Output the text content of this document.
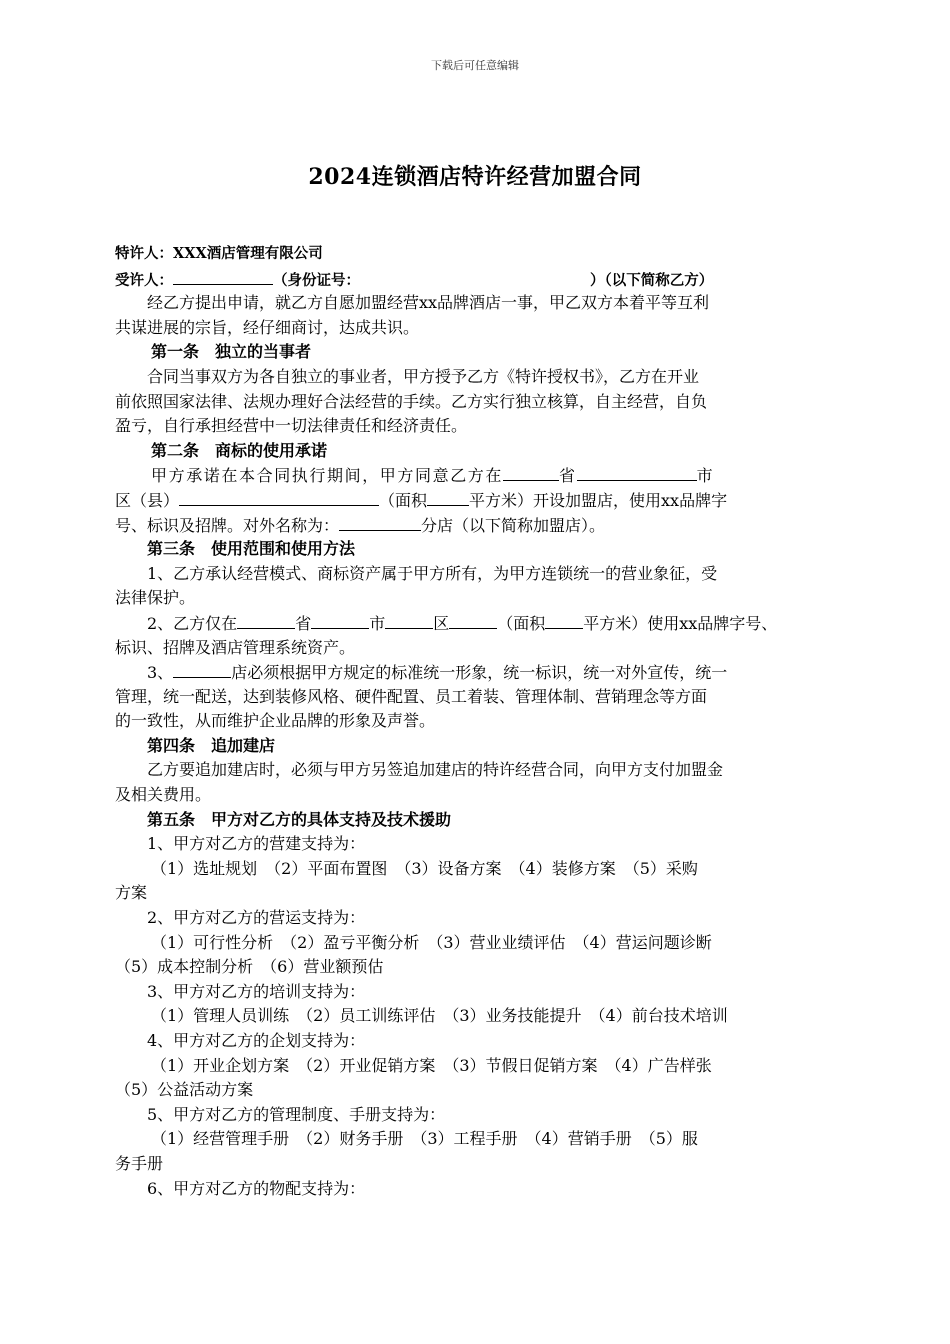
下载后可任意编辑
2024连锁酒店特许经营加盟合同
特许人：XXX酒店管理有限公司
受许人：	（身份证号：	）（以下简称乙方）
经乙方提出申请，就乙方自愿加盟经营xx品牌酒店一事，甲乙双方本着平等互利
共谋进展的宗旨，经仔细商讨，达成共识。
第一条　独立的当事者
合同当事双方为各自独立的事业者，甲方授予乙方《特许授权书》，乙方在开业
前依照国家法律、法规办理好合法经营的手续。乙方实行独立核算，自主经营，自负
盈亏，自行承担经营中一切法律责任和经济责任。
第二条　商标的使用承诺
甲方承诺在本合同执行期间，甲方同意乙方在	省	市
区（县）	（面积	平方米）开设加盟店，使用xx品牌字
号、标识及招牌。对外名称为：	分店（以下简称加盟店）。
第三条　使用范围和使用方法
1、乙方承认经营模式、商标资产属于甲方所有，为甲方连锁统一的营业象征，受
法律保护。
2、乙方仅在	省	市	区	（面积 平方米）使用xx品牌字号、
标识、招牌及酒店管理系统资产。
3、	店必须根据甲方规定的标准统一形象，统一标识，统一对外宣传，统一
管理，统一配送，达到装修风格、硬件配置、员工着装、管理体制、营销理念等方面
的一致性，从而维护企业品牌的形象及声誉。
第四条　追加建店
乙方要追加建店时，必须与甲方另签追加建店的特许经营合同，向甲方支付加盟金
及相关费用。
第五条　甲方对乙方的具体支持及技术援助
1、甲方对乙方的营建支持为：
（1）选址规划　（2）平面布置图　（3）设备方案　（4）装修方案　（5）采购
方案
2、甲方对乙方的营运支持为：
（1）可行性分析　（2）盈亏平衡分析　（3）营业业绩评估　（4）营运问题诊断
（5）成本控制分析　（6）营业额预估
3、甲方对乙方的培训支持为：
（1）管理人员训练　（2）员工训练评估　（3）业务技能提升　（4）前台技术培训
4、甲方对乙方的企划支持为：
（1）开业企划方案　（2）开业促销方案　（3）节假日促销方案　（4）广告样张
（5）公益活动方案
5、甲方对乙方的管理制度、手册支持为：
（1）经营管理手册　（2）财务手册　（3）工程手册　（4）营销手册　（5）服
务手册
6、甲方对乙方的物配支持为：
